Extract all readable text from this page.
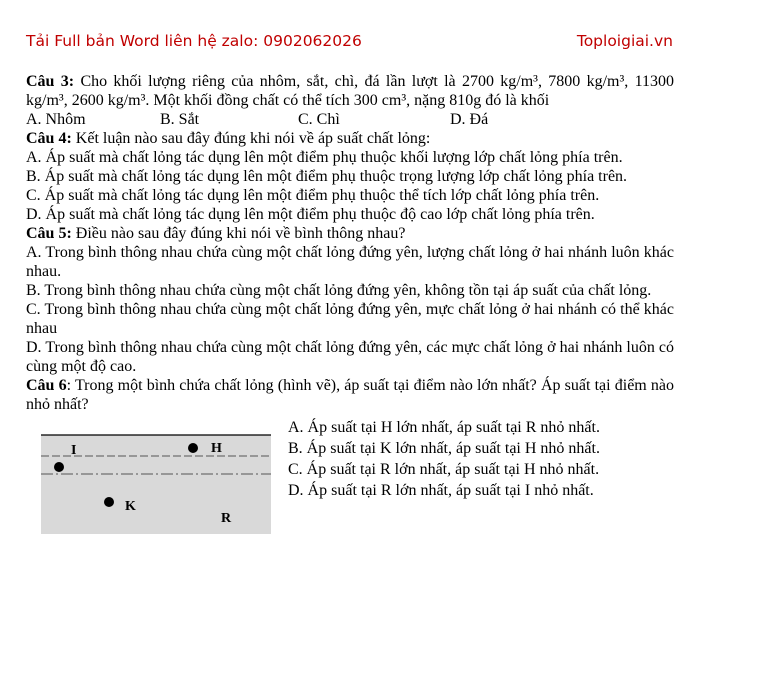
Tải Full bản Word liên hệ zalo: 0902062026	Toploigiai.vn

Câu 3: Cho khối lượng riêng của nhôm, sắt, chì, đá lần lượt là 2700 kg/m³, 7800 kg/m³, 11300 kg/m³, 2600 kg/m³. Một khối đồng chất có thể tích 300 cm³, nặng 810g đó là khối

A. Nhôm	B. Sắt	C. Chì	D. Đá

Câu 4: Kết luận nào sau đây đúng khi nói về áp suất chất lỏng:

A. Áp suất mà chất lỏng tác dụng lên một điểm phụ thuộc khối lượng lớp chất lỏng phía trên.

B. Áp suất mà chất lỏng tác dụng lên một điểm phụ thuộc trọng lượng lớp chất lỏng phía trên.

C. Áp suất mà chất lỏng tác dụng lên một điểm phụ thuộc thể tích lớp chất lỏng phía trên.

D. Áp suất mà chất lỏng tác dụng lên một điểm phụ thuộc độ cao lớp chất lỏng phía trên.

Câu 5: Điều nào sau đây đúng khi nói về bình thông nhau?

A. Trong bình thông nhau chứa cùng một chất lỏng đứng yên, lượng chất lỏng ở hai nhánh luôn khác nhau.

B. Trong bình thông nhau chứa cùng một chất lỏng đứng yên, không tồn tại áp suất của chất lỏng.

C. Trong bình thông nhau chứa cùng một chất lỏng đứng yên, mực chất lỏng ở hai nhánh có thể khác nhau

D. Trong bình thông nhau chứa cùng một chất lỏng đứng yên, các mực chất lỏng ở hai nhánh luôn có cùng một độ cao.

Câu 6: Trong một bình chứa chất lỏng (hình vẽ), áp suất tại điểm nào lớn nhất? Áp suất tại điểm nào nhỏ nhất?

I	H
K
R
A. Áp suất tại H lớn nhất, áp suất tại R nhỏ nhất.
B. Áp suất tại K lớn nhất, áp suất tại H nhỏ nhất.
C. Áp suất tại R lớn nhất, áp suất tại H nhỏ nhất.
D. Áp suất tại R lớn nhất, áp suất tại I nhỏ nhất.
